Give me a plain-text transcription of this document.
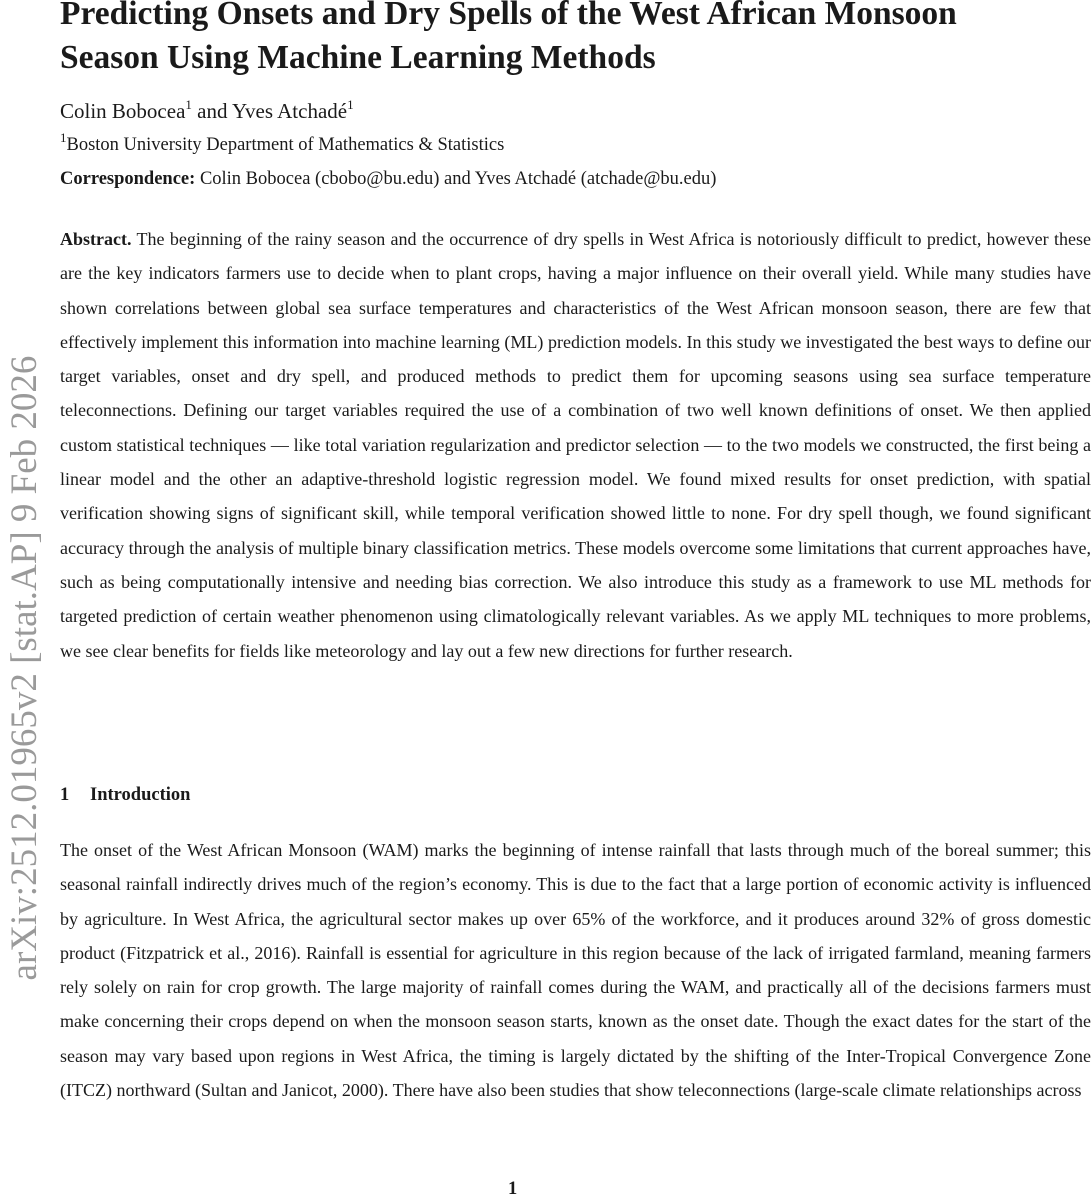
arXiv:2512.01965v2 [stat.AP] 9 Feb 2026
Predicting Onsets and Dry Spells of the West African Monsoon Season Using Machine Learning Methods
Colin Bobocea$^1$ and Yves Atchadé$^1$
$^1$Boston University Department of Mathematics & Statistics
Correspondence: Colin Bobocea (cbobo@bu.edu) and Yves Atchadé (atchade@bu.edu)

Abstract. The beginning of the rainy season and the occurrence of dry spells in West Africa is notoriously difficult to predict, however these are the key indicators farmers use to decide when to plant crops, having a major influence on their overall yield. While many studies have shown correlations between global sea surface temperatures and characteristics of the West African monsoon season, there are few that effectively implement this information into machine learning (ML) prediction models. In this study we investigated the best ways to define our target variables, onset and dry spell, and produced methods to predict them for upcoming seasons using sea surface temperature teleconnections. Defining our target variables required the use of a combination of two well known definitions of onset. We then applied custom statistical techniques — like total variation regularization and predictor selection — to the two models we constructed, the first being a linear model and the other an adaptive-threshold logistic regression model. We found mixed results for onset prediction, with spatial verification showing signs of significant skill, while temporal verification showed little to none. For dry spell though, we found significant accuracy through the analysis of multiple binary classification metrics. These models overcome some limitations that current approaches have, such as being computationally intensive and needing bias correction. We also introduce this study as a framework to use ML methods for targeted prediction of certain weather phenomenon using climatologically relevant variables. As we apply ML techniques to more problems, we see clear benefits for fields like meteorology and lay out a few new directions for further research.

1 Introduction

The onset of the West African Monsoon (WAM) marks the beginning of intense rainfall that lasts through much of the boreal summer; this seasonal rainfall indirectly drives much of the region’s economy. This is due to the fact that a large portion of economic activity is influenced by agriculture. In West Africa, the agricultural sector makes up over 65% of the workforce, and it produces around 32% of gross domestic product (Fitzpatrick et al., 2016). Rainfall is essential for agriculture in this region because of the lack of irrigated farmland, meaning farmers rely solely on rain for crop growth. The large majority of rainfall comes during the WAM, and practically all of the decisions farmers must make concerning their crops depend on when the monsoon season starts, known as the onset date. Though the exact dates for the start of the season may vary based upon regions in West Africa, the timing is largely dictated by the shifting of the Inter-Tropical Convergence Zone (ITCZ) northward (Sultan and Janicot, 2000). There have also been studies that show teleconnections (large-scale climate relationships across

1
